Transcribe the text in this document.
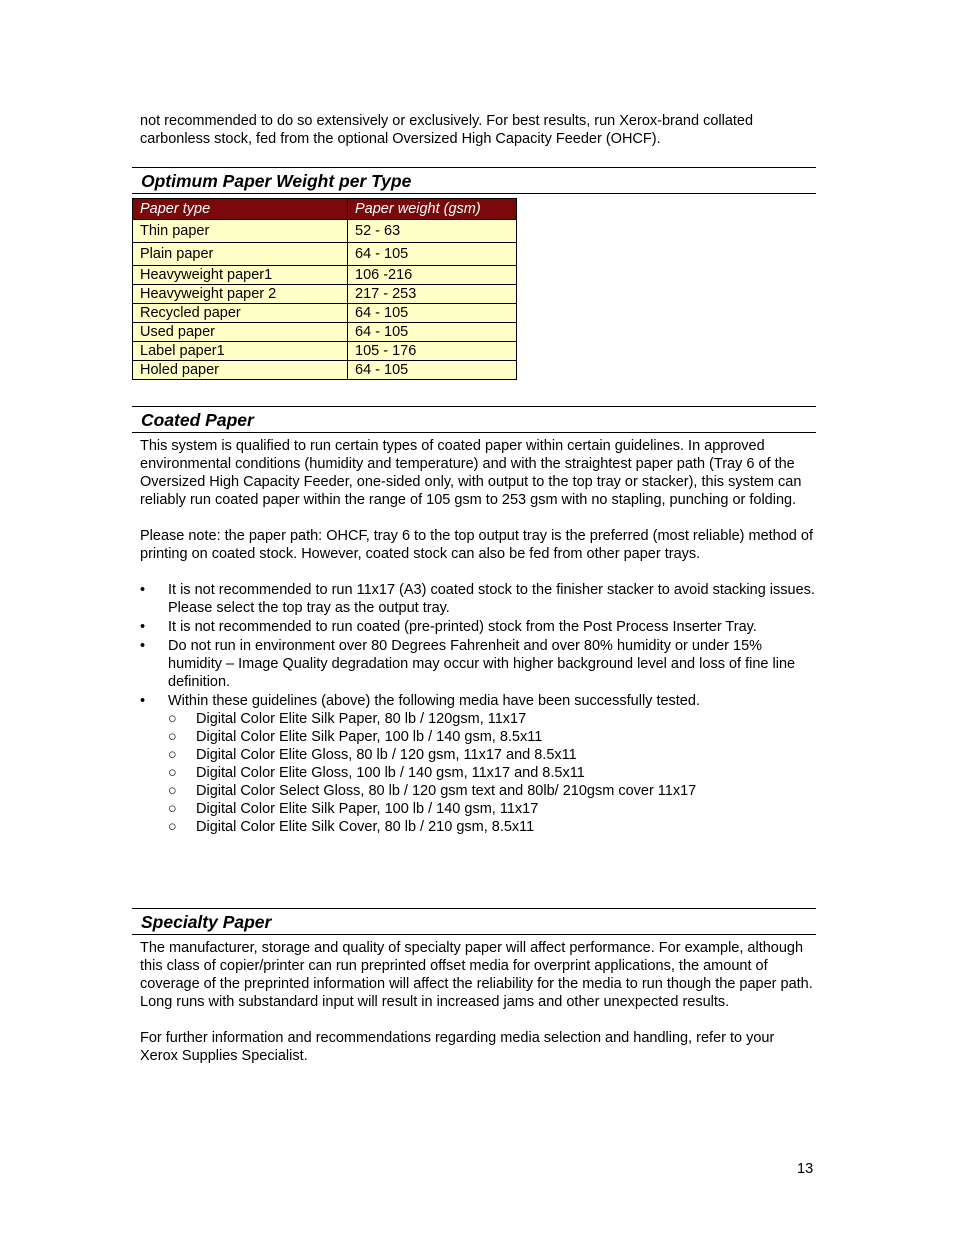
not recommended to do so extensively or exclusively. For best results, run Xerox-brand collated carbonless stock, fed from the optional Oversized High Capacity Feeder (OHCF).

Optimum Paper Weight per Type
Paper type	Paper weight (gsm)
Thin paper	52 - 63
Plain paper	64 - 105
Heavyweight paper1	106 -216
Heavyweight paper 2	217 - 253
Recycled paper	64 - 105
Used paper	64 - 105
Label paper1	105 - 176
Holed paper	64 - 105
Coated Paper

This system is qualified to run certain types of coated paper within certain guidelines. In approved environmental conditions (humidity and temperature) and with the straightest paper path (Tray 6 of the Oversized High Capacity Feeder, one-sided only, with output to the top tray or stacker), this system can reliably run coated paper within the range of 105 gsm to 253 gsm with no stapling, punching or folding.

Please note: the paper path: OHCF, tray 6 to the top output tray is the preferred (most reliable) method of printing on coated stock. However, coated stock can also be fed from other paper trays.

• It is not recommended to run 11x17 (A3) coated stock to the finisher stacker to avoid stacking issues. Please select the top tray as the output tray.
• It is not recommended to run coated (pre-printed) stock from the Post Process Inserter Tray.
• Do not run in environment over 80 Degrees Fahrenheit and over 80% humidity or under 15% humidity – Image Quality degradation may occur with higher background level and loss of fine line definition.
• Within these guidelines (above) the following media have been successfully tested.
○ Digital Color Elite Silk Paper, 80 lb / 120gsm, 11x17
○ Digital Color Elite Silk Paper, 100 lb / 140 gsm, 8.5x11
○ Digital Color Elite Gloss, 80 lb / 120 gsm, 11x17 and 8.5x11
○ Digital Color Elite Gloss, 100 lb / 140 gsm, 11x17 and 8.5x11
○ Digital Color Select Gloss, 80 lb / 120 gsm text and 80lb/ 210gsm cover 11x17
○ Digital Color Elite Silk Paper, 100 lb / 140 gsm, 11x17
○ Digital Color Elite Silk Cover, 80 lb / 210 gsm, 8.5x11
Specialty Paper

The manufacturer, storage and quality of specialty paper will affect performance. For example, although this class of copier/printer can run preprinted offset media for overprint applications, the amount of coverage of the preprinted information will affect the reliability for the media to run though the paper path. Long runs with substandard input will result in increased jams and other unexpected results.

For further information and recommendations regarding media selection and handling, refer to your Xerox Supplies Specialist.

13
